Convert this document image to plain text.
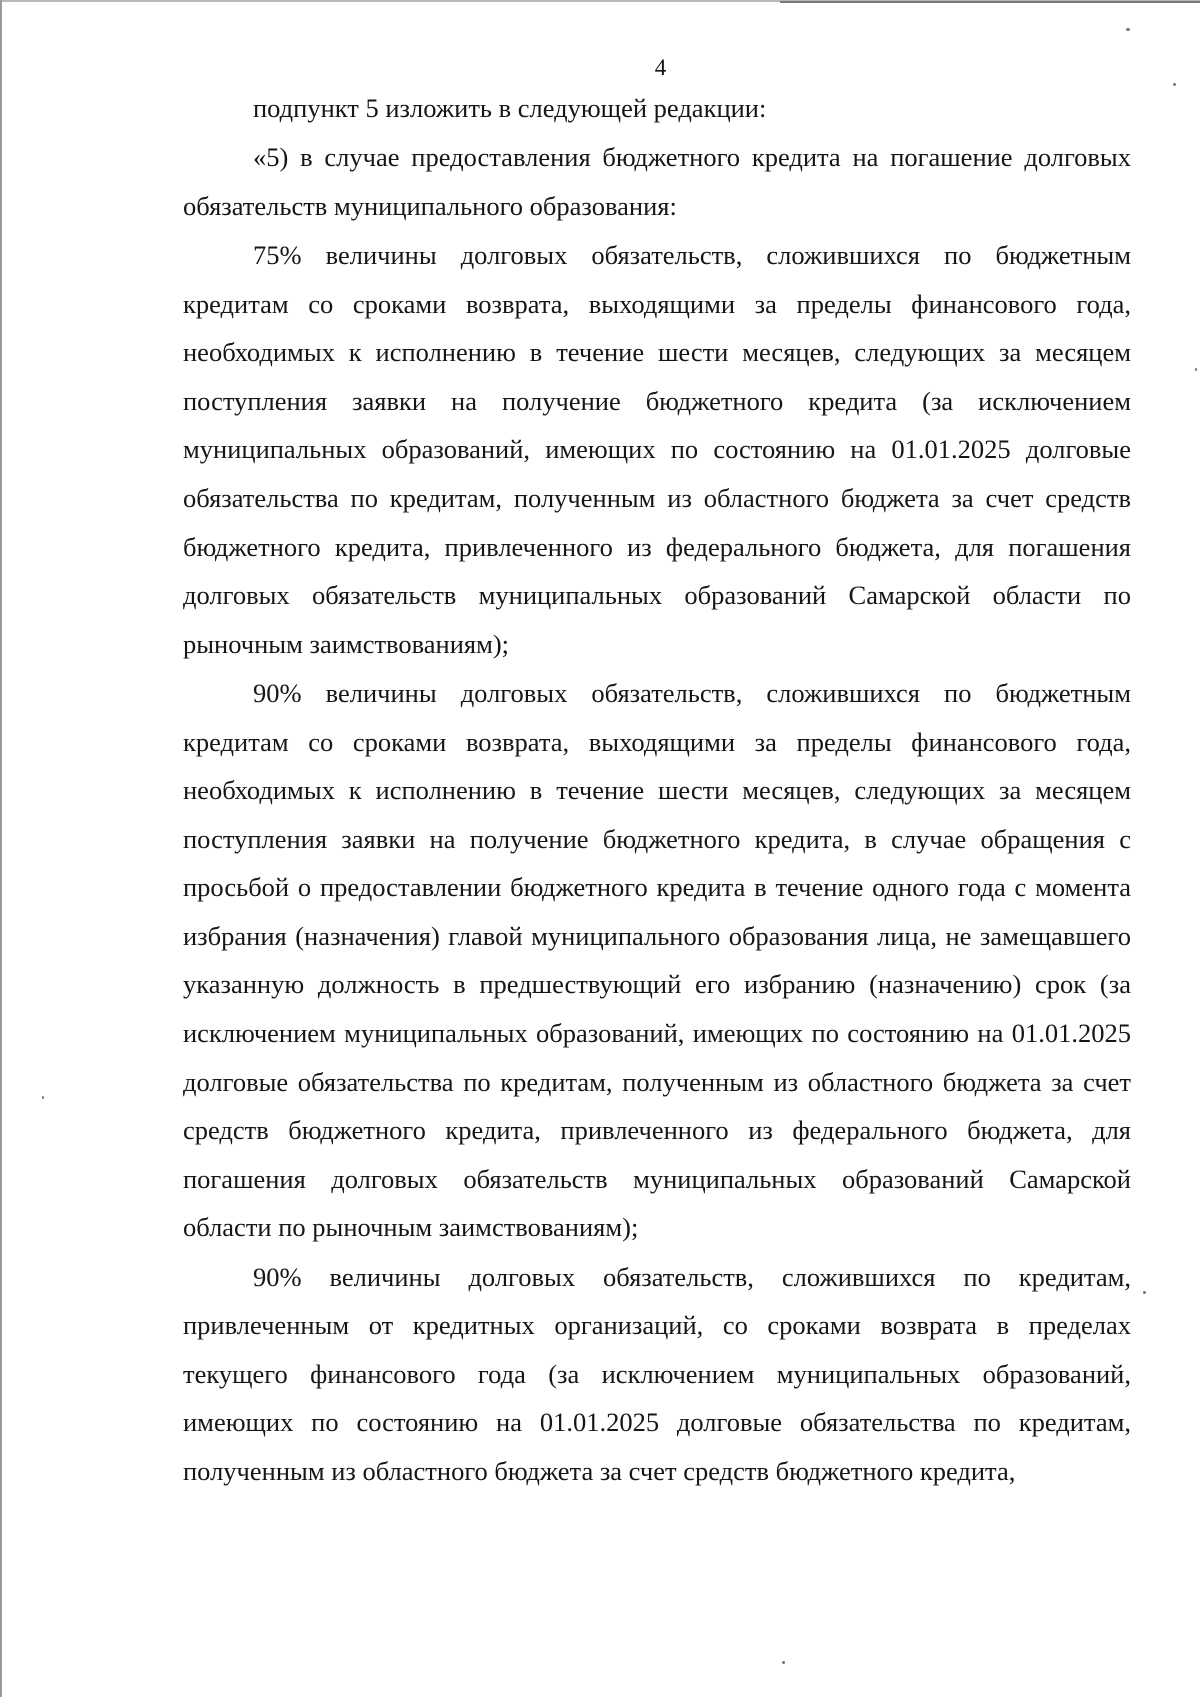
4

подпункт 5 изложить в следующей редакции:

«5) в случае предоставления бюджетного кредита на погашение долговых обязательств муниципального образования:

75% величины долговых обязательств, сложившихся по бюджетным кредитам со сроками возврата, выходящими за пределы финансового года, необходимых к исполнению в течение шести месяцев, следующих за месяцем поступления заявки на получение бюджетного кредита (за исключением муниципальных образований, имеющих по состоянию на 01.01.2025 долговые обязательства по кредитам, полученным из областного бюджета за счет средств бюджетного кредита, привлеченного из федерального бюджета, для погашения долговых обязательств муниципальных образований Самарской области по рыночным заимствованиям);

90% величины долговых обязательств, сложившихся по бюджетным кредитам со сроками возврата, выходящими за пределы финансового года, необходимых к исполнению в течение шести месяцев, следующих за месяцем поступления заявки на получение бюджетного кредита, в случае обращения с просьбой о предоставлении бюджетного кредита в течение одного года с момента избрания (назначения) главой муниципального образования лица, не замещавшего указанную должность в предшествующий его избранию (назначению) срок (за исключением муниципальных образований, имеющих по состоянию на 01.01.2025 долговые обязательства по кредитам, полученным из областного бюджета за счет средств бюджетного кредита, привлеченного из федерального бюджета, для погашения долговых обязательств муниципальных образований Самарской области по рыночным заимствованиям);

90% величины долговых обязательств, сложившихся по кредитам, привлеченным от кредитных организаций, со сроками возврата в пределах текущего финансового года (за исключением муниципальных образований, имеющих по состоянию на 01.01.2025 долговые обязательства по кредитам, полученным из областного бюджета за счет средств бюджетного кредита,
